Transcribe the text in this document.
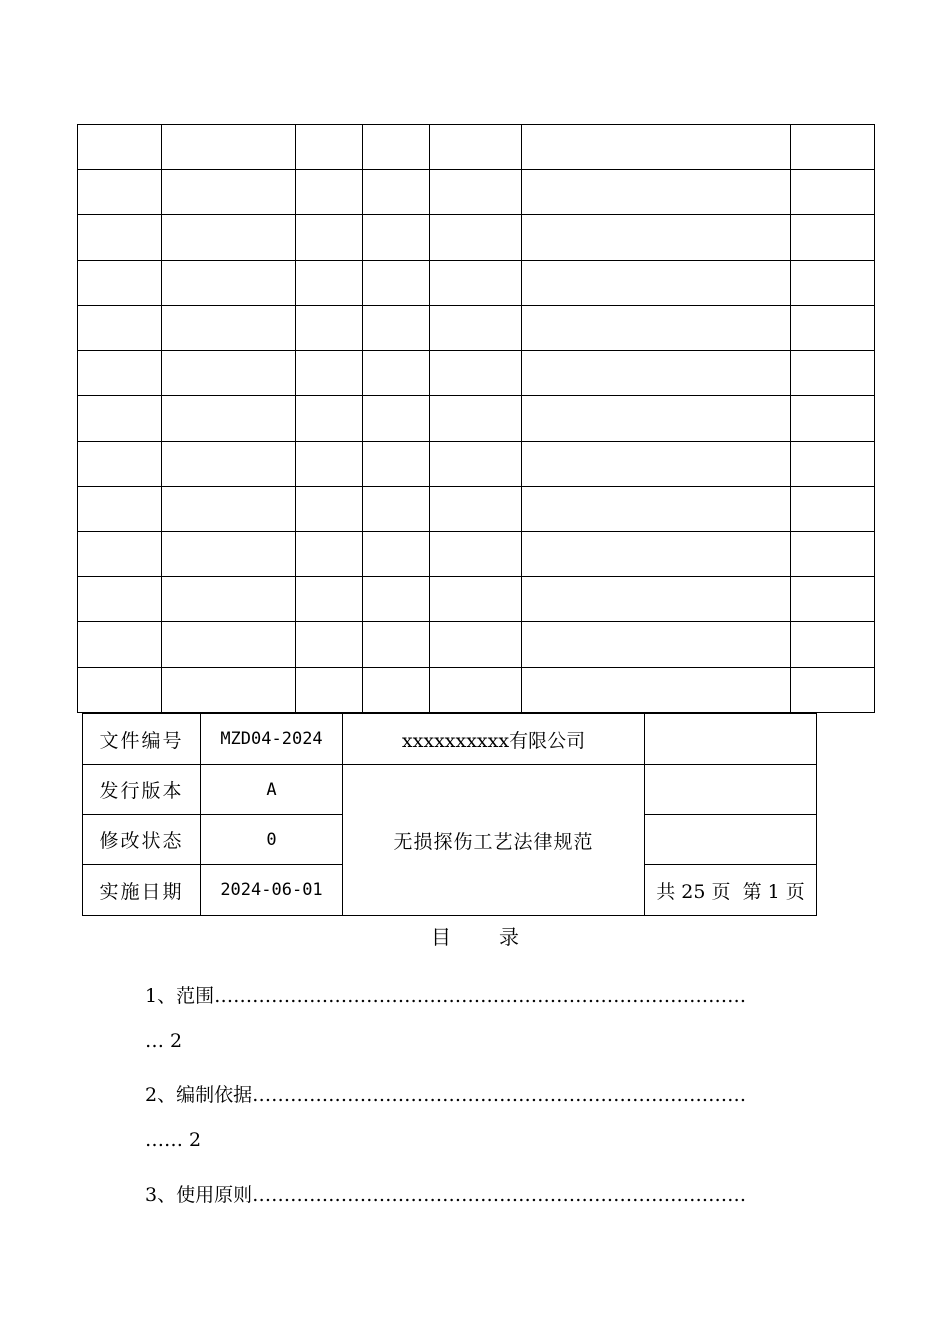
文件编号	MZD04-2024	xxxxxxxxxx有限公司	
发行版本	A	无损探伤工艺法律规范	
修改状态	0		
实施日期	2024-06-01		共 25 页  第 1 页
目 录
1、范围…………………………………………………………………………
… 2
2、编制依据……………………………………………………………………
…… 2
3、使用原则……………………………………………………………………
